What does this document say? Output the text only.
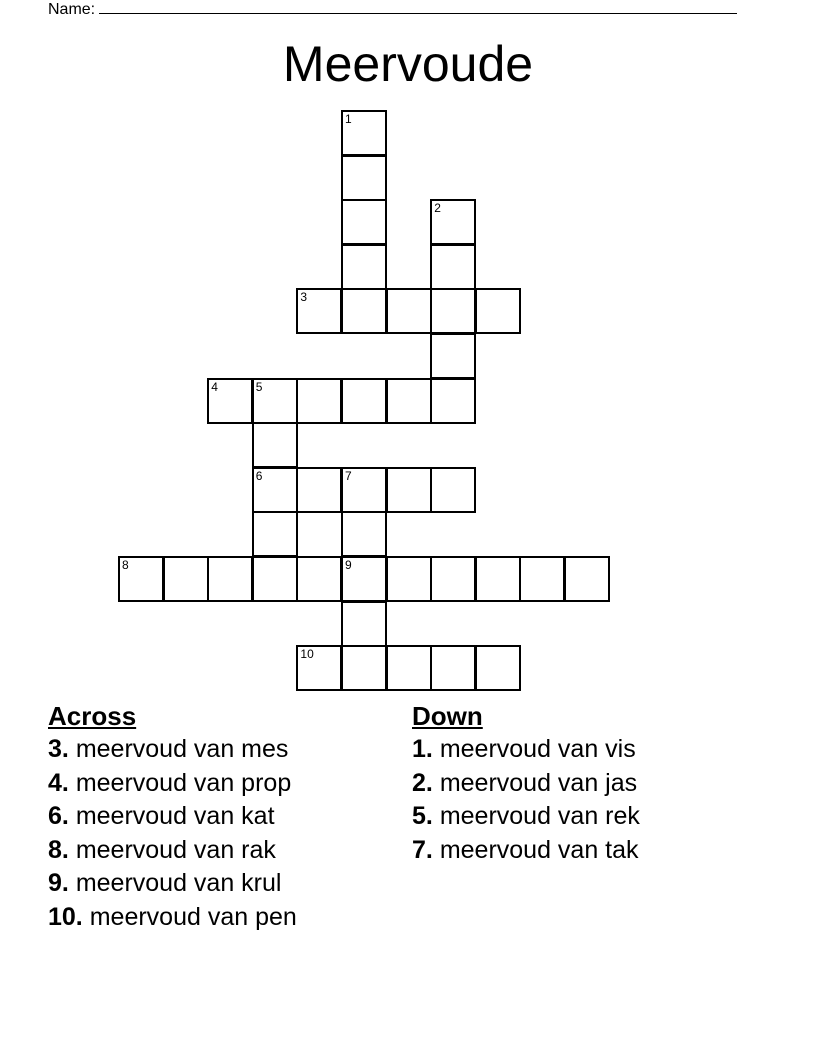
Name:
Meervoude
1
2
3
4	5
6	7
8	9
10
Across
3. meervoud van mes
4. meervoud van prop
6. meervoud van kat
8. meervoud van rak
9. meervoud van krul
10. meervoud van pen
Down
1. meervoud van vis
2. meervoud van jas
5. meervoud van rek
7. meervoud van tak
